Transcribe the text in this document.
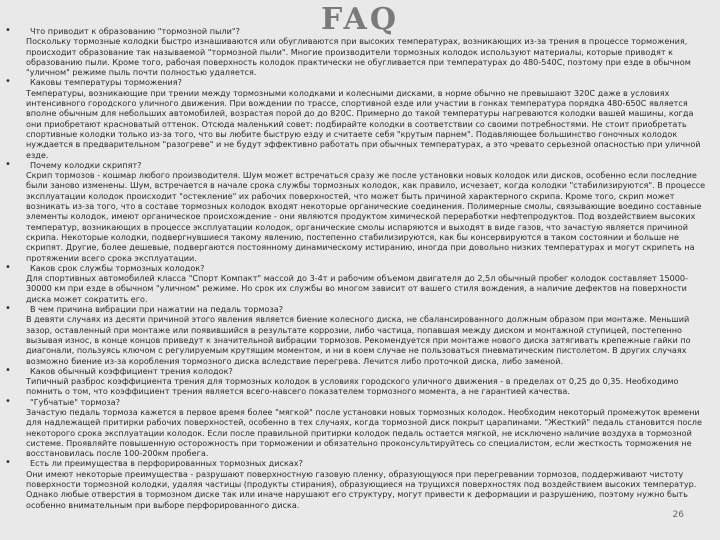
FAQ
• Что приводит к образованию "тормозной пыли"?
Поскольку тормозные колодки быстро изнашиваются или обугливаются при высоких температурах, возникающих из-за трения в процессе торможения, происходит образование так называемой "тормозной пыли". Многие производители тормозных колодок используют материалы, которые приводят к образованию пыли. Кроме того, рабочая поверхность колодок практически не обугливается при температурах до 480-540С, поэтому при езде в обычном "уличном" режиме пыль почти полностью удаляется.
• Каковы температуры торможения?
Температуры, возникающие при трении между тормозными колодками и колесными дисками, в норме обычно не превышают 320С даже в условиях интенсивного городского уличного движения. При вождении по трассе, спортивной езде или участии в гонках температура порядка 480-650С является вполне обычным для небольших автомобилей, возрастая порой до до 820С. Примерно до такой температуры нагреваются колодки вашей машины, когда они приобретают красноватый оттенок. Отсюда маленький совет: подбирайте колодки в соответствии со своими потребностями. Не стоит приобретать спортивные колодки только из-за того, что вы любите быструю езду и считаете себя "крутым парнем". Подавляющее большинство гоночных колодок нуждается в предварительном "разогреве" и не будут эффективно работать при обычных температурах, а это чревато серьезной опасностью при уличной езде.
• Почему колодки скрипят?
Скрип тормозов - кошмар любого производителя. Шум может встречаться сразу же после установки новых колодок или дисков, особенно если последние были заново изменены. Шум, встречается в начале срока службы тормозных колодок, как правило, исчезает, когда колодки "стабилизируются". В процессе эксплуатации колодок происходит "остекление" их рабочих поверхностей, что может быть причиной характерного скрипа. Кроме того, скрип может возникать из-за того, что в составе тормозных колодок входят некоторые органические соединения. Полимерные смолы, связывающие воедино составные элементы колодок, имеют органическое происхождение - они являются продуктом химической переработки нефтепродуктов. Под воздействием высоких температур, возникающих в процессе эксплуатации колодок, органические смолы испаряются и выходят в виде газов, что зачастую является причиной скрипа. Некоторые колодки, подвергнувшиеся такому явлению, постепенно стабилизируются, как бы консервируются в таком состоянии и больше не скрипят. Другие, более дешевые, подвергаются постоянному динамическому истиранию, иногда при довольно низких температурах и могут скрипеть на протяжении всего срока эксплуатации.
• Каков срок службы тормозных колодок?
Для спортивных автомобилей класса "Спорт Компакт" массой до 3-4т и рабочим объемом двигателя до 2,5л обычный пробег колодок составляет 15000-30000 км при езде в обычном "уличном" режиме. Но срок их службы во многом зависит от вашего стиля вождения, а наличие дефектов на поверхности диска может сократить его.
• В чем причина вибрации при нажатии на педаль тормоза?
В девяти случаях из десяти причиной этого явления является биение колесного диска, не сбалансированного должным образом при монтаже. Меньший зазор, оставленный при монтаже или появившийся в результате коррозии, либо частица, попавшая между диском и монтажной ступицей, постепенно вызывая износ, в конце концов приведут к значительной вибрации тормозов. Рекомендуется при монтаже нового диска затягивать крепежные гайки по диагонали, пользуясь ключом с регулируемым крутящим моментом, и ни в коем случае не пользоваться пневматическим пистолетом. В других случаях возможно биение из-за коробления тормозного диска вследствие перегрева. Лечится либо проточкой диска, либо заменой.
• Каков обычный коэффициент трения колодок?
Типичный разброс коэффициента трения для тормозных колодок в условиях городского уличного движения - в пределах от 0,25 до 0,35. Необходимо помнить о том, что коэффициент трения является всего-навсего показателем тормозного момента, а не гарантией качества.
• "Губчатые" тормоза?
Зачастую педаль тормоза кажется в первое время более "мягкой" после установки новых тормозных колодок. Необходим некоторый промежуток времени для надлежащей притирки рабочих поверхностей, особенно в тех случаях, когда тормозной диск покрыт царапинами. "Жесткий" педаль становится после некоторого срока эксплуатации колодок. Если после правильной притирки колодок педаль остается мягкой, не исключено наличие воздуха в тормозной системе. Проявляйте повышенную осторожность при торможении и обязательно проконсультируйтесь со специалистом, если жесткость торможения не восстановилась после 100-200км пробега.
• Есть ли преимущества в перфорированных тормозных дисках?
Они имеют некоторые преимущества - разрушают поверхностную газовую пленку, образующуюся при перегревании тормозов, поддерживают чистоту поверхности тормозной колодки, удаляя частицы (продукты стирания), образующиеся на трущихся поверхностях под воздействием высоких температур. Однако любые отверстия в тормозном диске так или иначе нарушают его структуру, могут привести к деформации и разрушению, поэтому нужно быть особенно внимательным при выборе перфорированного диска.
26
